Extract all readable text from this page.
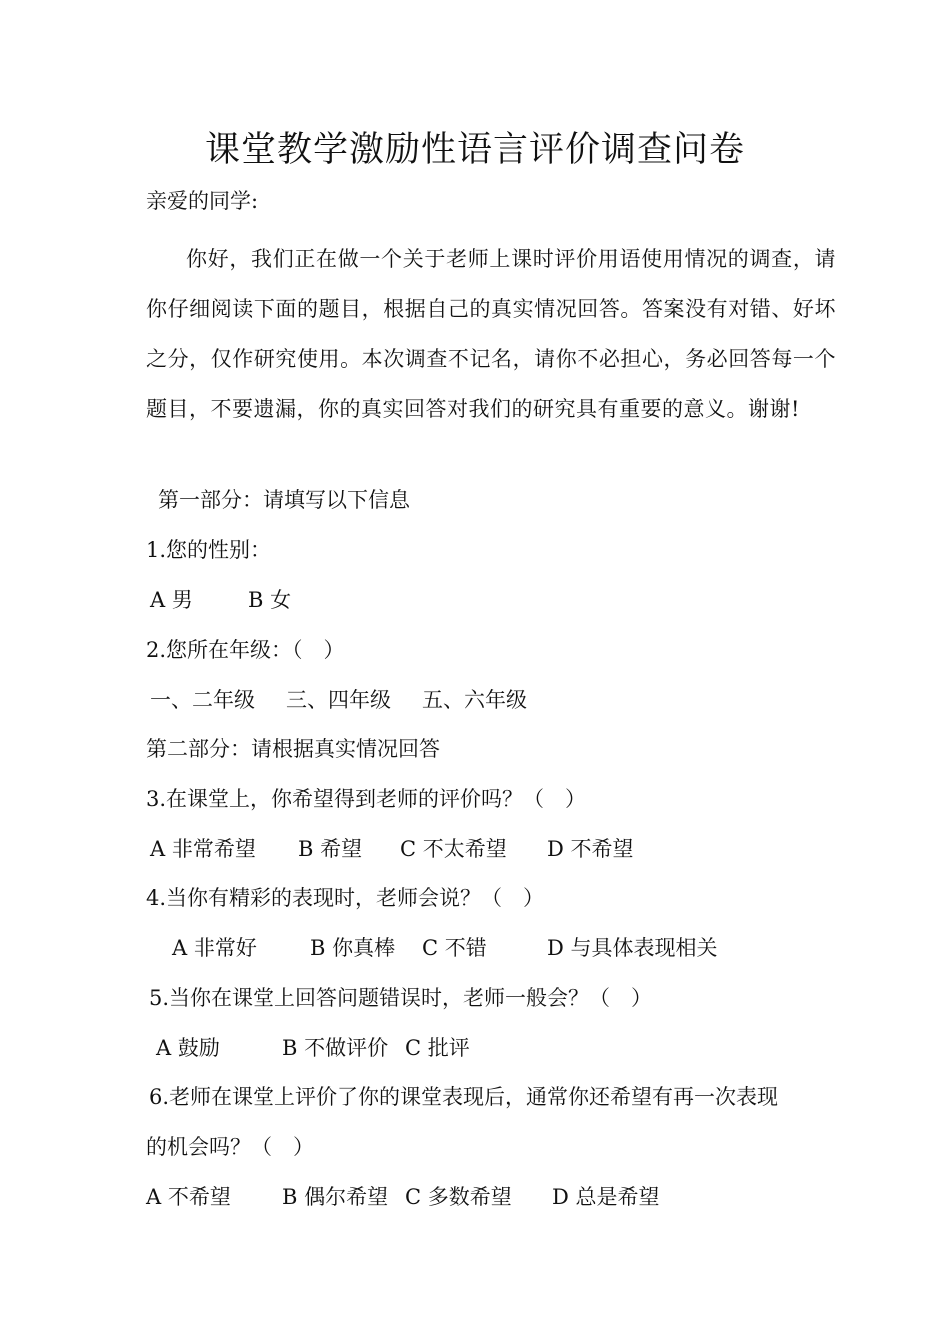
课堂教学激励性语言评价调查问卷
亲爱的同学:
你好，我们正在做一个关于老师上课时评价用语使用情况的调查，请你仔细阅读下面的题目，根据自己的真实情况回答。答案没有对错、好坏之分，仅作研究使用。本次调查不记名，请你不必担心，务必回答每一个题目，不要遗漏，你的真实回答对我们的研究具有重要的意义。谢谢!
第一部分：请填写以下信息
1.您的性别：
A 男	B 女
2.您所在年级：（　）
一、二年级 三、四年级 五、六年级
第二部分：请根据真实情况回答
3.在课堂上，你希望得到老师的评价吗？（　）
A 非常希望 B 希望 C 不太希望 D 不希望
4.当你有精彩的表现时，老师会说？（　）
A 非常好	B 你真棒 C 不错	D 与具体表现相关
5.当你在课堂上回答问题错误时，老师一般会？（　）
A 鼓励	B 不做评价 C 批评
6.老师在课堂上评价了你的课堂表现后，通常你还希望有再一次表现
的机会吗？（　）
A 不希望 B 偶尔希望 C 多数希望 D 总是希望
